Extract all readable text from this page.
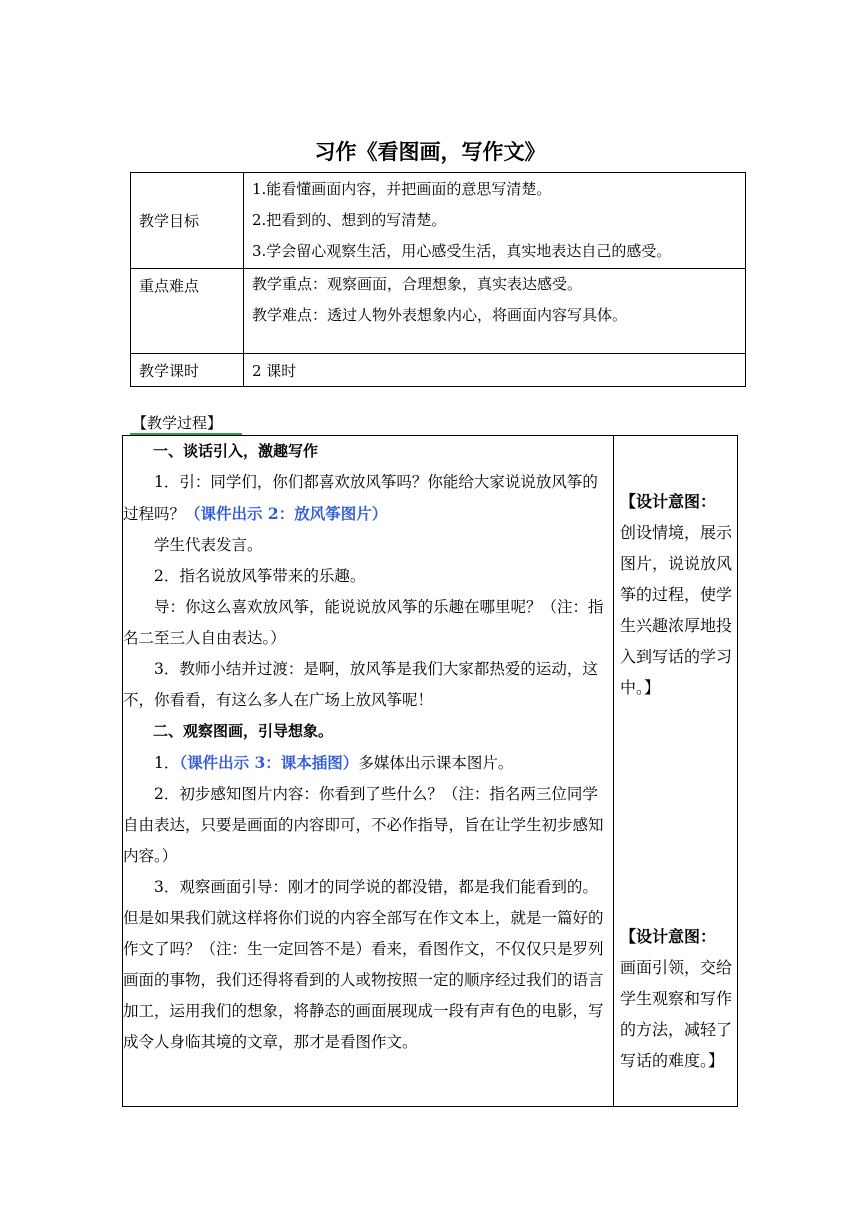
习作《看图画，写作文》
教学目标	1.能看懂画面内容，并把画面的意思写清楚。
2.把看到的、想到的写清楚。
3.学会留心观察生活，用心感受生活，真实地表达自己的感受。

重点难点	教学重点：观察画面，合理想象，真实表达感受。
教学难点：透过人物外表想象内心，将画面内容写具体。

教学课时	2 课时
【教学过程】

一、谈话引入，激趣写作

1．引：同学们，你们都喜欢放风筝吗？你能给大家说说放风筝的过程吗？（课件出示 2：放风筝图片）

学生代表发言。

2．指名说放风筝带来的乐趣。

导：你这么喜欢放风筝，能说说放风筝的乐趣在哪里呢？（注：指名二至三人自由表达。）

3．教师小结并过渡：是啊，放风筝是我们大家都热爱的运动，这不，你看看，有这么多人在广场上放风筝呢！

二、观察图画，引导想象。

1．（课件出示 3：课本插图）多媒体出示课本图片。

2．初步感知图片内容：你看到了些什么？（注：指名两三位同学自由表达，只要是画面的内容即可，不必作指导，旨在让学生初步感知内容。）

3．观察画面引导：刚才的同学说的都没错，都是我们能看到的。但是如果我们就这样将你们说的内容全部写在作文本上，就是一篇好的作文了吗？（注：生一定回答不是）看来，看图作文，不仅仅只是罗列画面的事物，我们还得将看到的人或物按照一定的顺序经过我们的语言加工，运用我们的想象，将静态的画面展现成一段有声有色的电影，写成令人身临其境的文章，那才是看图作文。

【设计意图：
创设情境，展示图片，说说放风筝的过程，使学生兴趣浓厚地投入到写话的学习中。】
【设计意图：
画面引领，交给学生观察和写作的方法，减轻了写话的难度。】
